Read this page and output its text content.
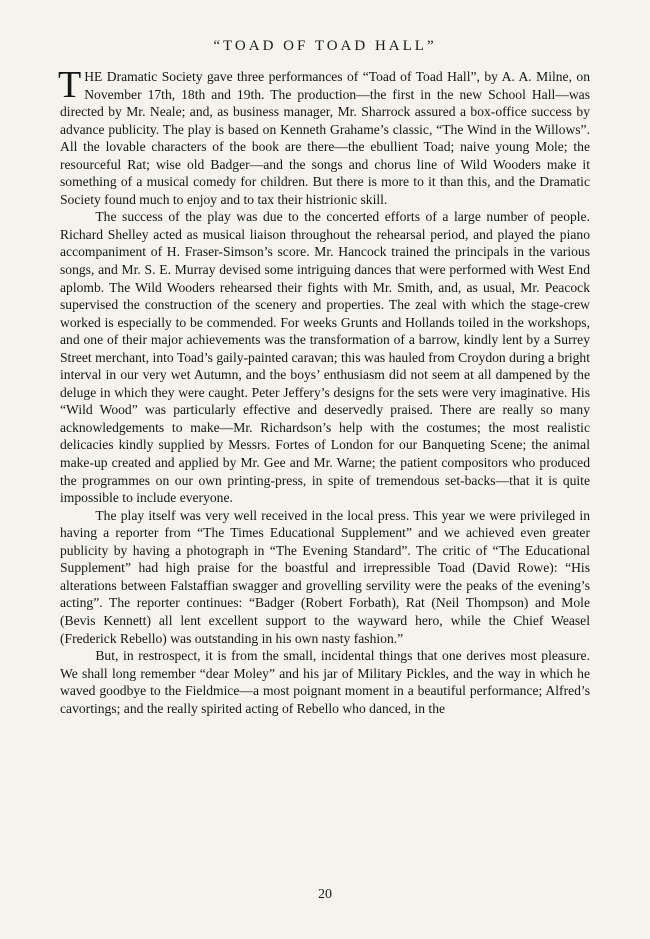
“TOAD OF TOAD HALL”

THE Dramatic Society gave three performances of “Toad of Toad Hall”, by A. A. Milne, on November 17th, 18th and 19th. The production—the first in the new School Hall—was directed by Mr. Neale; and, as business manager, Mr. Sharrock assured a box-office success by advance publicity. The play is based on Kenneth Grahame’s classic, “The Wind in the Willows”. All the lovable characters of the book are there—the ebullient Toad; naive young Mole; the resourceful Rat; wise old Badger—and the songs and chorus line of Wild Wooders make it something of a musical comedy for children. But there is more to it than this, and the Dramatic Society found much to enjoy and to tax their histrionic skill.

The success of the play was due to the concerted efforts of a large number of people. Richard Shelley acted as musical liaison throughout the rehearsal period, and played the piano accompaniment of H. Fraser-Simson’s score. Mr. Hancock trained the principals in the various songs, and Mr. S. E. Murray devised some intriguing dances that were performed with West End aplomb. The Wild Wooders rehearsed their fights with Mr. Smith, and, as usual, Mr. Peacock supervised the construction of the scenery and properties. The zeal with which the stage-crew worked is especially to be commended. For weeks Grunts and Hollands toiled in the workshops, and one of their major achievements was the transformation of a barrow, kindly lent by a Surrey Street merchant, into Toad’s gaily-painted caravan; this was hauled from Croydon during a bright interval in our very wet Autumn, and the boys’ enthusiasm did not seem at all dampened by the deluge in which they were caught. Peter Jeffery’s designs for the sets were very imaginative. His “Wild Wood” was particularly effective and deservedly praised. There are really so many acknowledgements to make—Mr. Richardson’s help with the costumes; the most realistic delicacies kindly supplied by Messrs. Fortes of London for our Banqueting Scene; the animal make-up created and applied by Mr. Gee and Mr. Warne; the patient compositors who produced the programmes on our own printing-press, in spite of tremendous set-backs—that it is quite impossible to include everyone.

The play itself was very well received in the local press. This year we were privileged in having a reporter from “The Times Educational Supplement” and we achieved even greater publicity by having a photograph in “The Evening Standard”. The critic of “The Educational Supplement” had high praise for the boastful and irrepressible Toad (David Rowe): “His alterations between Falstaffian swagger and grovelling servility were the peaks of the evening’s acting”. The reporter continues: “Badger (Robert Forbath), Rat (Neil Thompson) and Mole (Bevis Kennett) all lent excellent support to the wayward hero, while the Chief Weasel (Frederick Rebello) was outstanding in his own nasty fashion.”

But, in restrospect, it is from the small, incidental things that one derives most pleasure. We shall long remember “dear Moley” and his jar of Military Pickles, and the way in which he waved goodbye to the Fieldmice—a most poignant moment in a beautiful performance; Alfred’s cavortings; and the really spirited acting of Rebello who danced, in the

20
